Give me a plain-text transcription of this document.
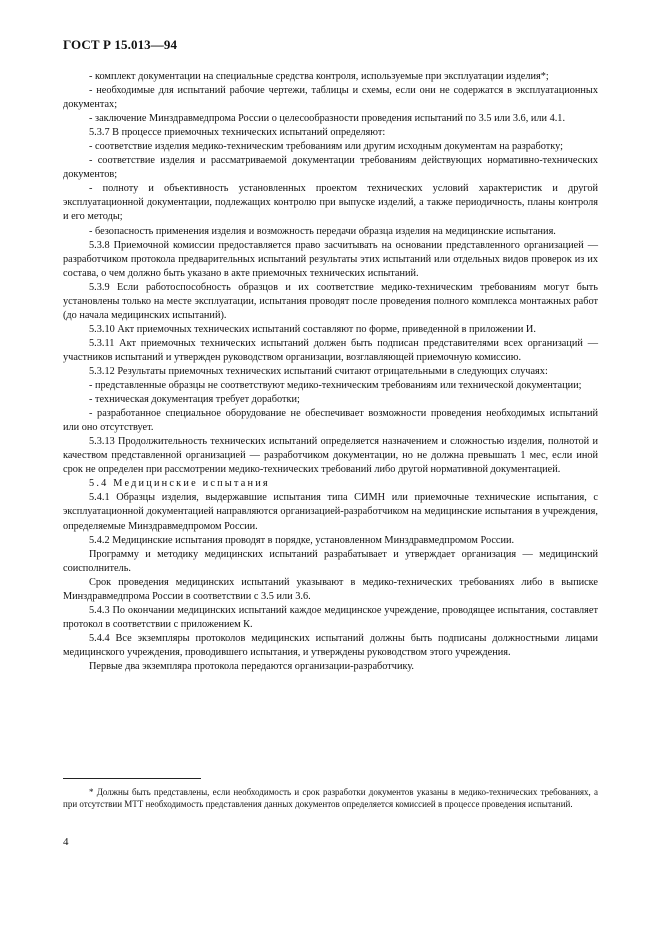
ГОСТ Р 15.013—94

- комплект документации на специальные средства контроля, используемые при эксплуатации изделия*;

- необходимые для испытаний рабочие чертежи, таблицы и схемы, если они не содержатся в эксплуатационных документах;

- заключение Минздравмедпрома России о целесообразности проведения испытаний по 3.5 или 3.6, или 4.1.

5.3.7 В процессе приемочных технических испытаний определяют:

- соответствие изделия медико-техническим требованиям или другим исходным документам на разработку;

- соответствие изделия и рассматриваемой документации требованиям действующих нормативно-технических документов;

- полноту и объективность установленных проектом технических условий характеристик и другой эксплуатационной документации, подлежащих контролю при выпуске изделий, а также периодичность, планы контроля и его методы;

- безопасность применения изделия и возможность передачи образца изделия на медицинские испытания.

5.3.8 Приемочной комиссии предоставляется право засчитывать на основании представленного организацией — разработчиком протокола предварительных испытаний результаты этих испытаний или отдельных видов проверок из их состава, о чем должно быть указано в акте приемочных технических испытаний.

5.3.9 Если работоспособность образцов и их соответствие медико-техническим требованиям могут быть установлены только на месте эксплуатации, испытания проводят после проведения полного комплекса монтажных работ (до начала медицинских испытаний).

5.3.10 Акт приемочных технических испытаний составляют по форме, приведенной в приложении И.

5.3.11 Акт приемочных технических испытаний должен быть подписан представителями всех организаций — участников испытаний и утвержден руководством организации, возглавляющей приемочную комиссию.

5.3.12 Результаты приемочных технических испытаний считают отрицательными в следующих случаях:

- представленные образцы не соответствуют медико-техническим требованиям или технической документации;

- техническая документация требует доработки;

- разработанное специальное оборудование не обеспечивает возможности проведения необходимых испытаний или оно отсутствует.

5.3.13 Продолжительность технических испытаний определяется назначением и сложностью изделия, полнотой и качеством представленной организацией — разработчиком документации, но не должна превышать 1 мес, если иной срок не определен при рассмотрении медико-технических требований либо другой нормативной документацией.

5.4 Медицинские испытания

5.4.1 Образцы изделия, выдержавшие испытания типа СИМН или приемочные технические испытания, с эксплуатационной документацией направляются организацией-разработчиком на медицинские испытания в учреждения, определяемые Минздравмедпромом России.

5.4.2 Медицинские испытания проводят в порядке, установленном Минздравмедпромом России.

Программу и методику медицинских испытаний разрабатывает и утверждает организация — медицинский соисполнитель.

Срок проведения медицинских испытаний указывают в медико-технических требованиях либо в выписке Минздравмедпрома России в соответствии с 3.5 или 3.6.

5.4.3 По окончании медицинских испытаний каждое медицинское учреждение, проводящее испытания, составляет протокол в соответствии с приложением К.

5.4.4 Все экземпляры протоколов медицинских испытаний должны быть подписаны должностными лицами медицинского учреждения, проводившего испытания, и утверждены руководством этого учреждения.

Первые два экземпляра протокола передаются организации-разработчику.

* Должны быть представлены, если необходимость и срок разработки документов указаны в медико-технических требованиях, а при отсутствии МТТ необходимость представления данных документов определяется комиссией в процессе проведения испытаний.

4
